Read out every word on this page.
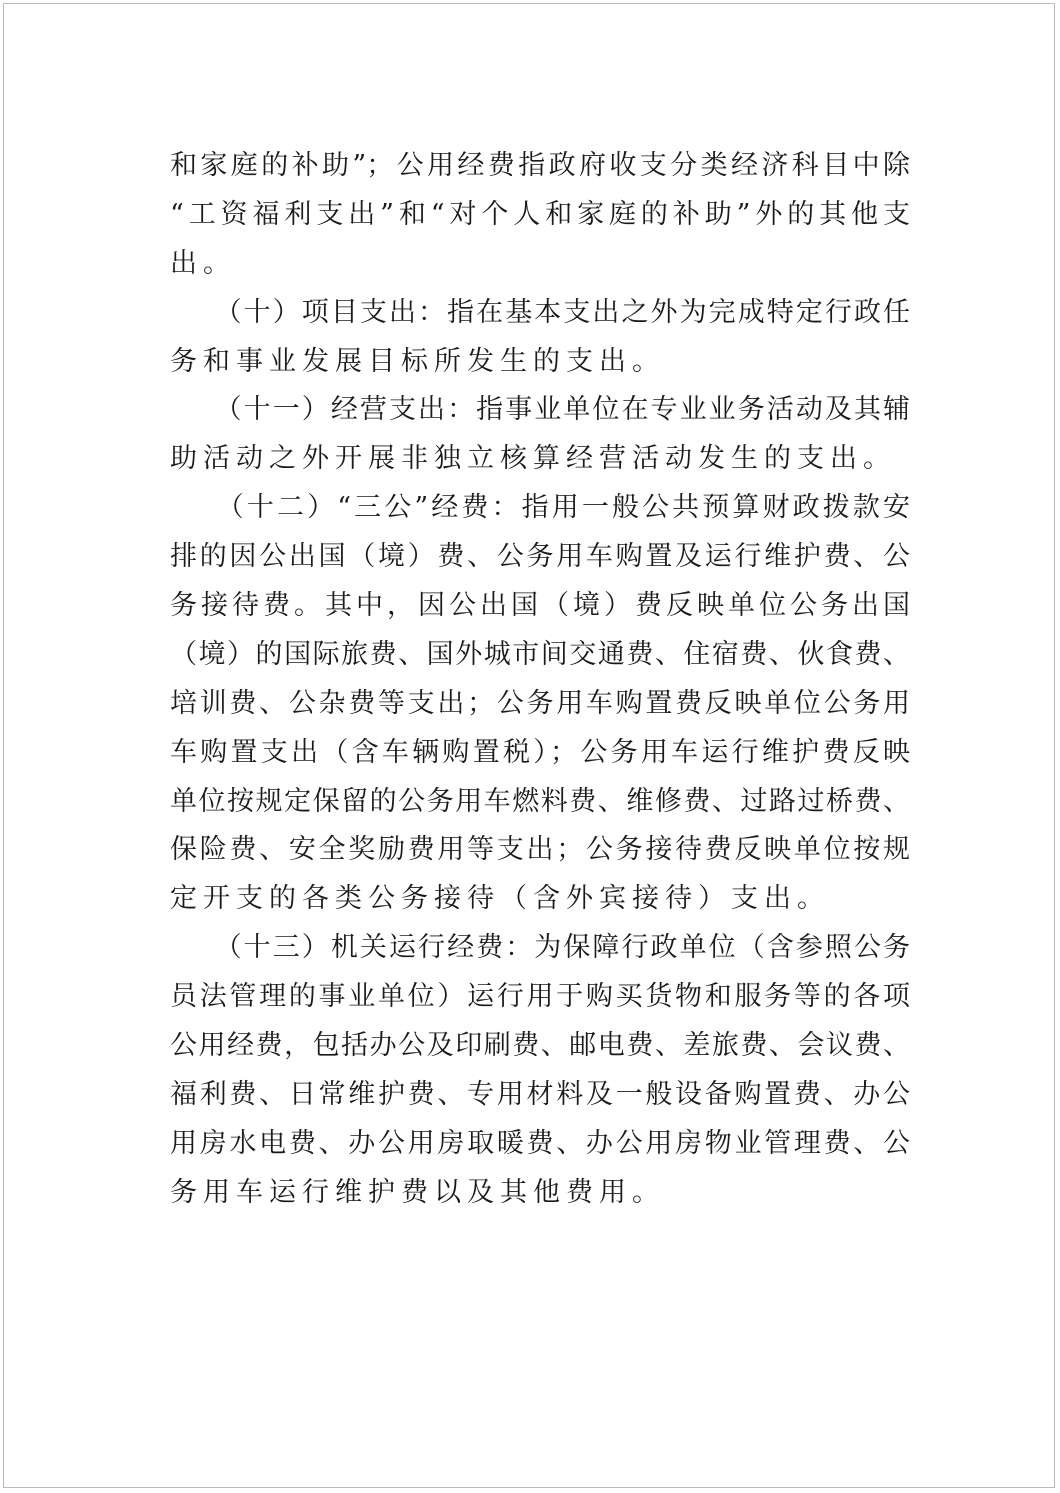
和家庭的补助”；公用经费指政府收支分类经济科目中除
“工资福利支出”和“对个人和家庭的补助”外的其他支
出。
　　（十）项目支出：指在基本支出之外为完成特定行政任
务和事业发展目标所发生的支出。
　　（十一）经营支出：指事业单位在专业业务活动及其辅
助活动之外开展非独立核算经营活动发生的支出。
　　（十二）“三公”经费：指用一般公共预算财政拨款安
排的因公出国（境）费、公务用车购置及运行维护费、公
务接待费。其中，因公出国（境）费反映单位公务出国
（境）的国际旅费、国外城市间交通费、住宿费、伙食费、
培训费、公杂费等支出；公务用车购置费反映单位公务用
车购置支出（含车辆购置税）；公务用车运行维护费反映
单位按规定保留的公务用车燃料费、维修费、过路过桥费、
保险费、安全奖励费用等支出；公务接待费反映单位按规
定开支的各类公务接待（含外宾接待）支出。
　　（十三）机关运行经费：为保障行政单位（含参照公务
员法管理的事业单位）运行用于购买货物和服务等的各项
公用经费，包括办公及印刷费、邮电费、差旅费、会议费、
福利费、日常维护费、专用材料及一般设备购置费、办公
用房水电费、办公用房取暖费、办公用房物业管理费、公
务用车运行维护费以及其他费用。
